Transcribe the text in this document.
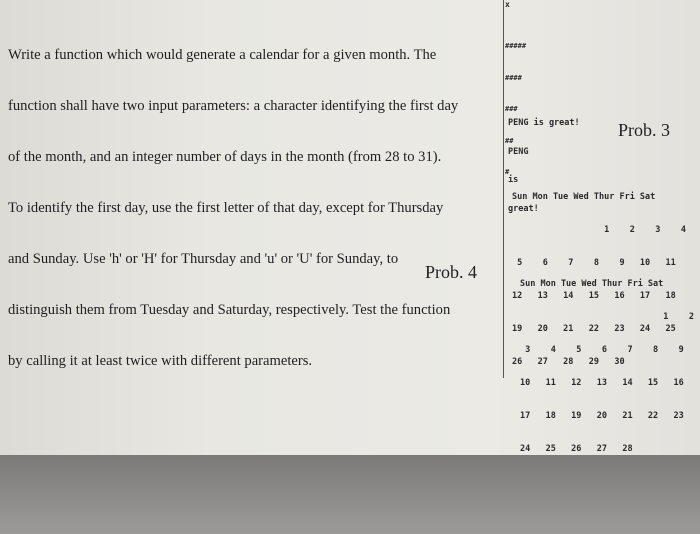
Write a function which would generate a calendar for a given month. The

function shall have two input parameters: a character identifying the first day

of the month, and an integer number of days in the month (from 28 to 31).

To identify the first day, use the first letter of that day, except for Thursday

and Sunday. Use 'h' or 'H' for Thursday and 'u' or 'U' for Sunday, to

distinguish them from Tuesday and Saturday, respectively. Test the function

by calling it at least twice with different parameters.

x

#####

####

###

##

#

PENG is great!

PENG

is

great!

Prob. 3
Prob. 4

Sun Mon Tue Wed Thur Fri Sat

1    2    3    4

5    6    7    8    9   10   11

12   13   14   15   16   17   18

19   20   21   22   23   24   25

26   27   28   29   30

Sun Mon Tue Wed Thur Fri Sat

1    2

3    4    5    6    7    8    9

10   11   12   13   14   15   16

17   18   19   20   21   22   23

24   25   26   27   28
